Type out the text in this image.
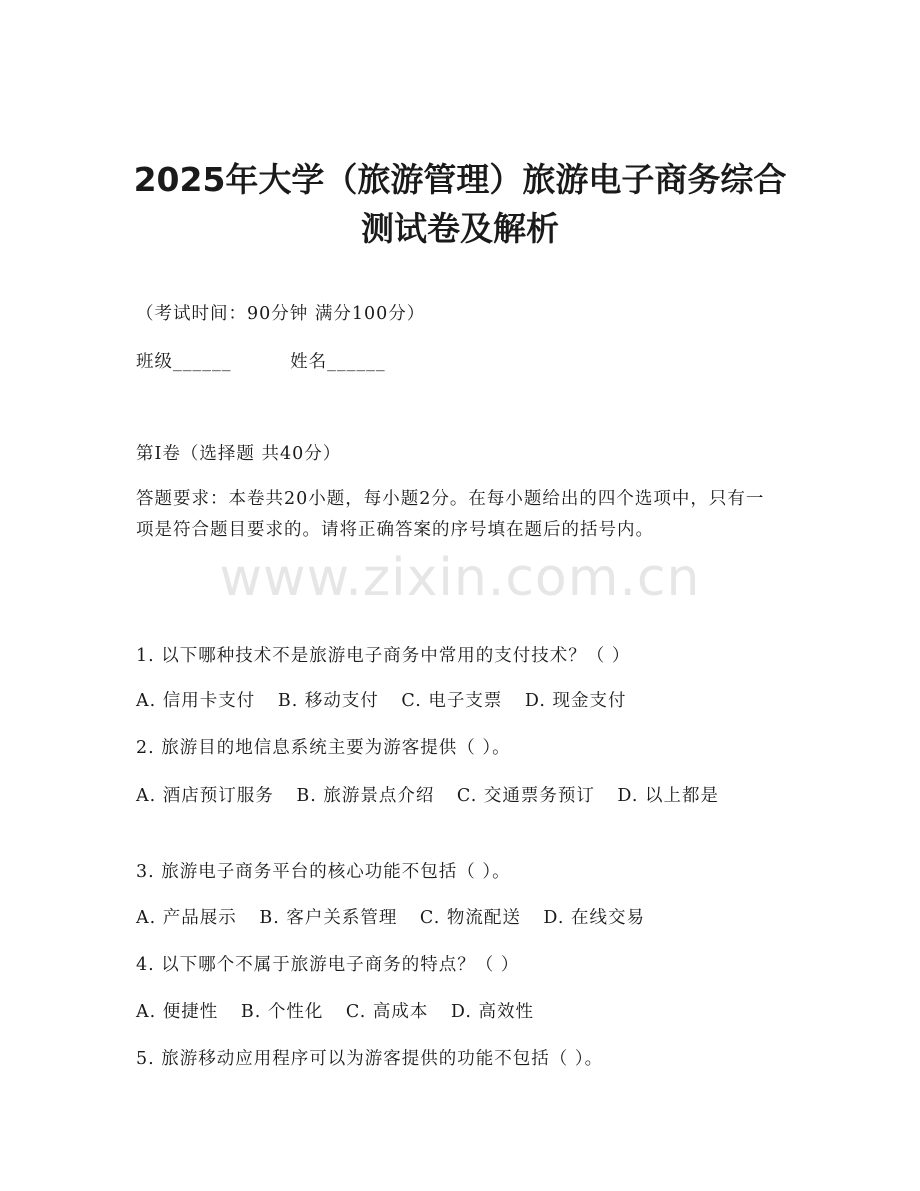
2025年大学（旅游管理）旅游电子商务综合
测试卷及解析
（考试时间：90分钟 满分100分）
班级______	姓名______
第I卷（选择题 共40分）
答题要求：本卷共20小题，每小题2分。在每小题给出的四个选项中，只有一项是符合题目要求的。请将正确答案的序号填在题后的括号内。
www.zixin.com.cn
1. 以下哪种技术不是旅游电子商务中常用的支付技术？（ ）
A. 信用卡支付 B. 移动支付 C. 电子支票 D. 现金支付
2. 旅游目的地信息系统主要为游客提供（ ）。
A. 酒店预订服务 B. 旅游景点介绍 C. 交通票务预订 D. 以上都是
3. 旅游电子商务平台的核心功能不包括（ ）。
A. 产品展示 B. 客户关系管理 C. 物流配送 D. 在线交易
4. 以下哪个不属于旅游电子商务的特点？（ ）
A. 便捷性 B. 个性化 C. 高成本 D. 高效性
5. 旅游移动应用程序可以为游客提供的功能不包括（ ）。
